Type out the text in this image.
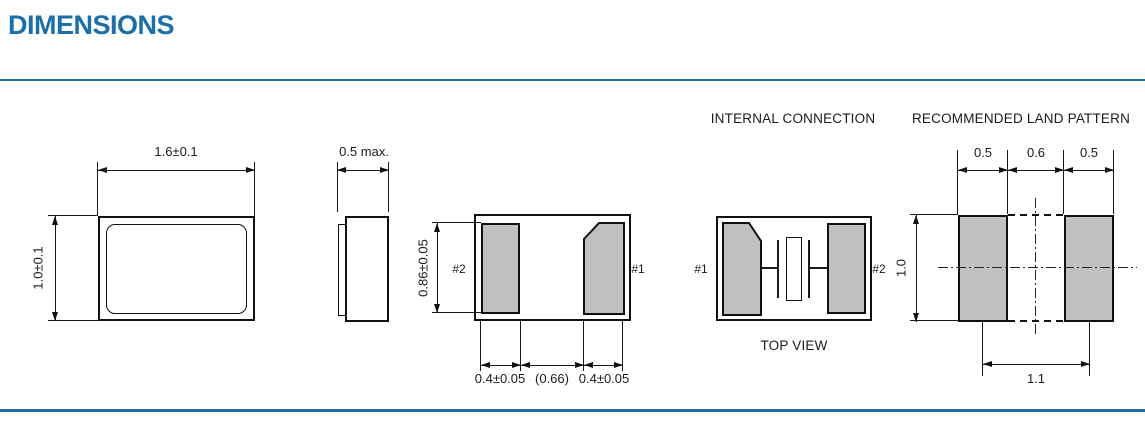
DIMENSIONS
1.6±0.1
1.0±0.1
0.5 max.
#2	#1
0.86±0.05
0.4±0.05 (0.66) 0.4±0.05
INTERNAL CONNECTION
#1	#2
TOP VIEW
RECOMMENDED LAND PATTERN
0.5	0.6	0.5
1.0
1.1
